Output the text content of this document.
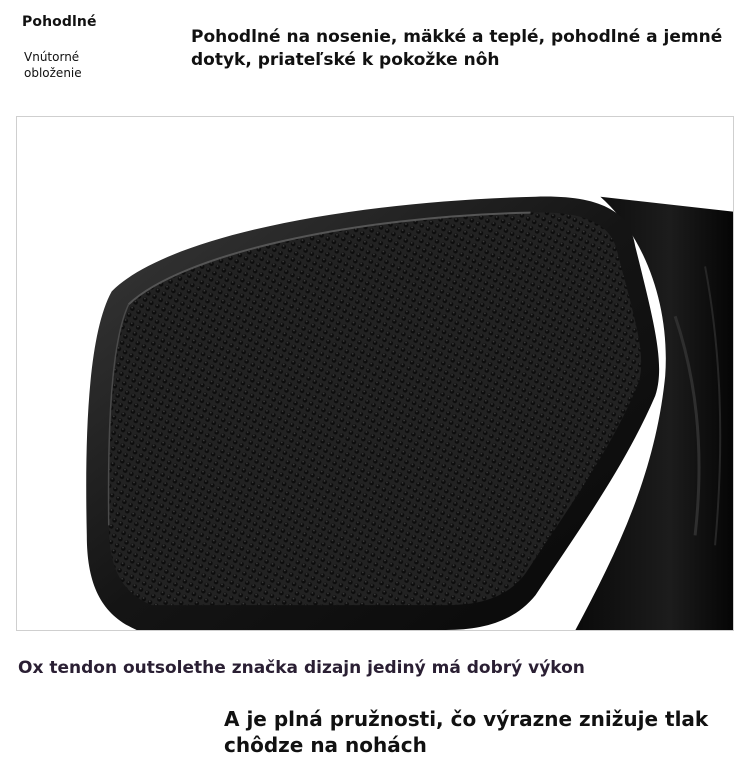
Pohodlné
Vnútorné obloženie
Pohodlné na nosenie, mäkké a teplé, pohodlné a jemné dotyk, priateľské k pokožke nôh
Ox tendon outsolethe značka dizajn jediný má dobrý výkon
A je plná pružnosti, čo výrazne znižuje tlak chôdze na nohách
